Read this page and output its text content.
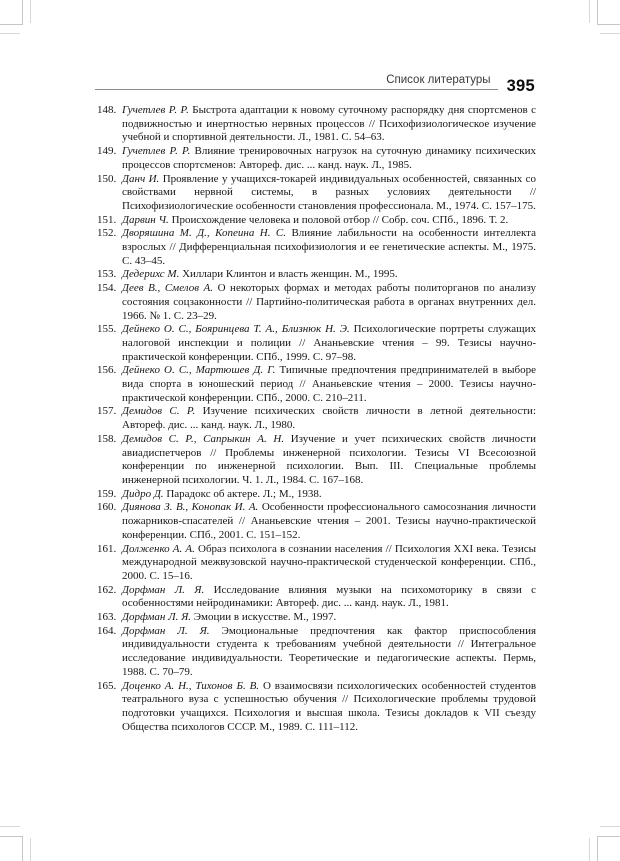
Список литературы 395
148. Гучетлев Р. Р. Быстрота адаптации к новому суточному распорядку дня спортсменов с подвижностью и инертностью нервных процессов // Психофизиологическое изучение учебной и спортивной деятельности. Л., 1981. С. 54–63.
149. Гучетлев Р. Р. Влияние тренировочных нагрузок на суточную динамику психических процессов спортсменов: Автореф. дис. ... канд. наук. Л., 1985.
150. Данч И. Проявление у учащихся-токарей индивидуальных особенностей, связанных со свойствами нервной системы, в разных условиях деятельности // Психофизиологические особенности становления профессионала. М., 1974. С. 157–175.
151. Дарвин Ч. Происхождение человека и половой отбор // Собр. соч. СПб., 1896. Т. 2.
152. Дворяшина М. Д., Копеина Н. С. Влияние лабильности на особенности интеллекта взрослых // Дифференциальная психофизиология и ее генетические аспекты. М., 1975. С. 43–45.
153. Дедерихс М. Хиллари Клинтон и власть женщин. М., 1995.
154. Деев В., Смелов А. О некоторых формах и методах работы политорганов по анализу состояния соцзаконности // Партийно-политическая работа в органах внутренних дел. 1966. № 1. С. 23–29.
155. Дейнеко О. С., Бояринцева Т. А., Близнюк Н. Э. Психологические портреты служащих налоговой инспекции и полиции // Ананьевские чтения – 99. Тезисы научно-практической конференции. СПб., 1999. С. 97–98.
156. Дейнеко О. С., Мартюшев Д. Г. Типичные предпочтения предпринимателей в выборе вида спорта в юношеский период // Ананьевские чтения – 2000. Тезисы научно-практической конференции. СПб., 2000. С. 210–211.
157. Демидов С. Р. Изучение психических свойств личности в летной деятельности: Автореф. дис. ... канд. наук. Л., 1980.
158. Демидов С. Р., Сапрыкин А. Н. Изучение и учет психических свойств личности авиадиспетчеров // Проблемы инженерной психологии. Тезисы VI Всесоюзной конференции по инженерной психологии. Вып. III. Специальные проблемы инженерной психологии. Ч. 1. Л., 1984. С. 167–168.
159. Дидро Д. Парадокс об актере. Л.; М., 1938.
160. Диянова З. В., Конопак И. А. Особенности профессионального самосознания личности пожарников-спасателей // Ананьевские чтения – 2001. Тезисы научно-практической конференции. СПб., 2001. С. 151–152.
161. Долженко А. А. Образ психолога в сознании населения // Психология XXI века. Тезисы международной межвузовской научно-практической студенческой конференции. СПб., 2000. С. 15–16.
162. Дорфман Л. Я. Исследование влияния музыки на психомоторику в связи с особенностями нейродинамики: Автореф. дис. ... канд. наук. Л., 1981.
163. Дорфман Л. Я. Эмоции в искусстве. М., 1997.
164. Дорфман Л. Я. Эмоциональные предпочтения как фактор приспособления индивидуальности студента к требованиям учебной деятельности // Интегральное исследование индивидуальности. Теоретические и педагогические аспекты. Пермь, 1988. С. 70–79.
165. Доценко А. Н., Тихонов Б. В. О взаимосвязи психологических особенностей студентов театрального вуза с успешностью обучения // Психологические проблемы трудовой подготовки учащихся. Психология и высшая школа. Тезисы докладов к VII съезду Общества психологов СССР. М., 1989. С. 111–112.
